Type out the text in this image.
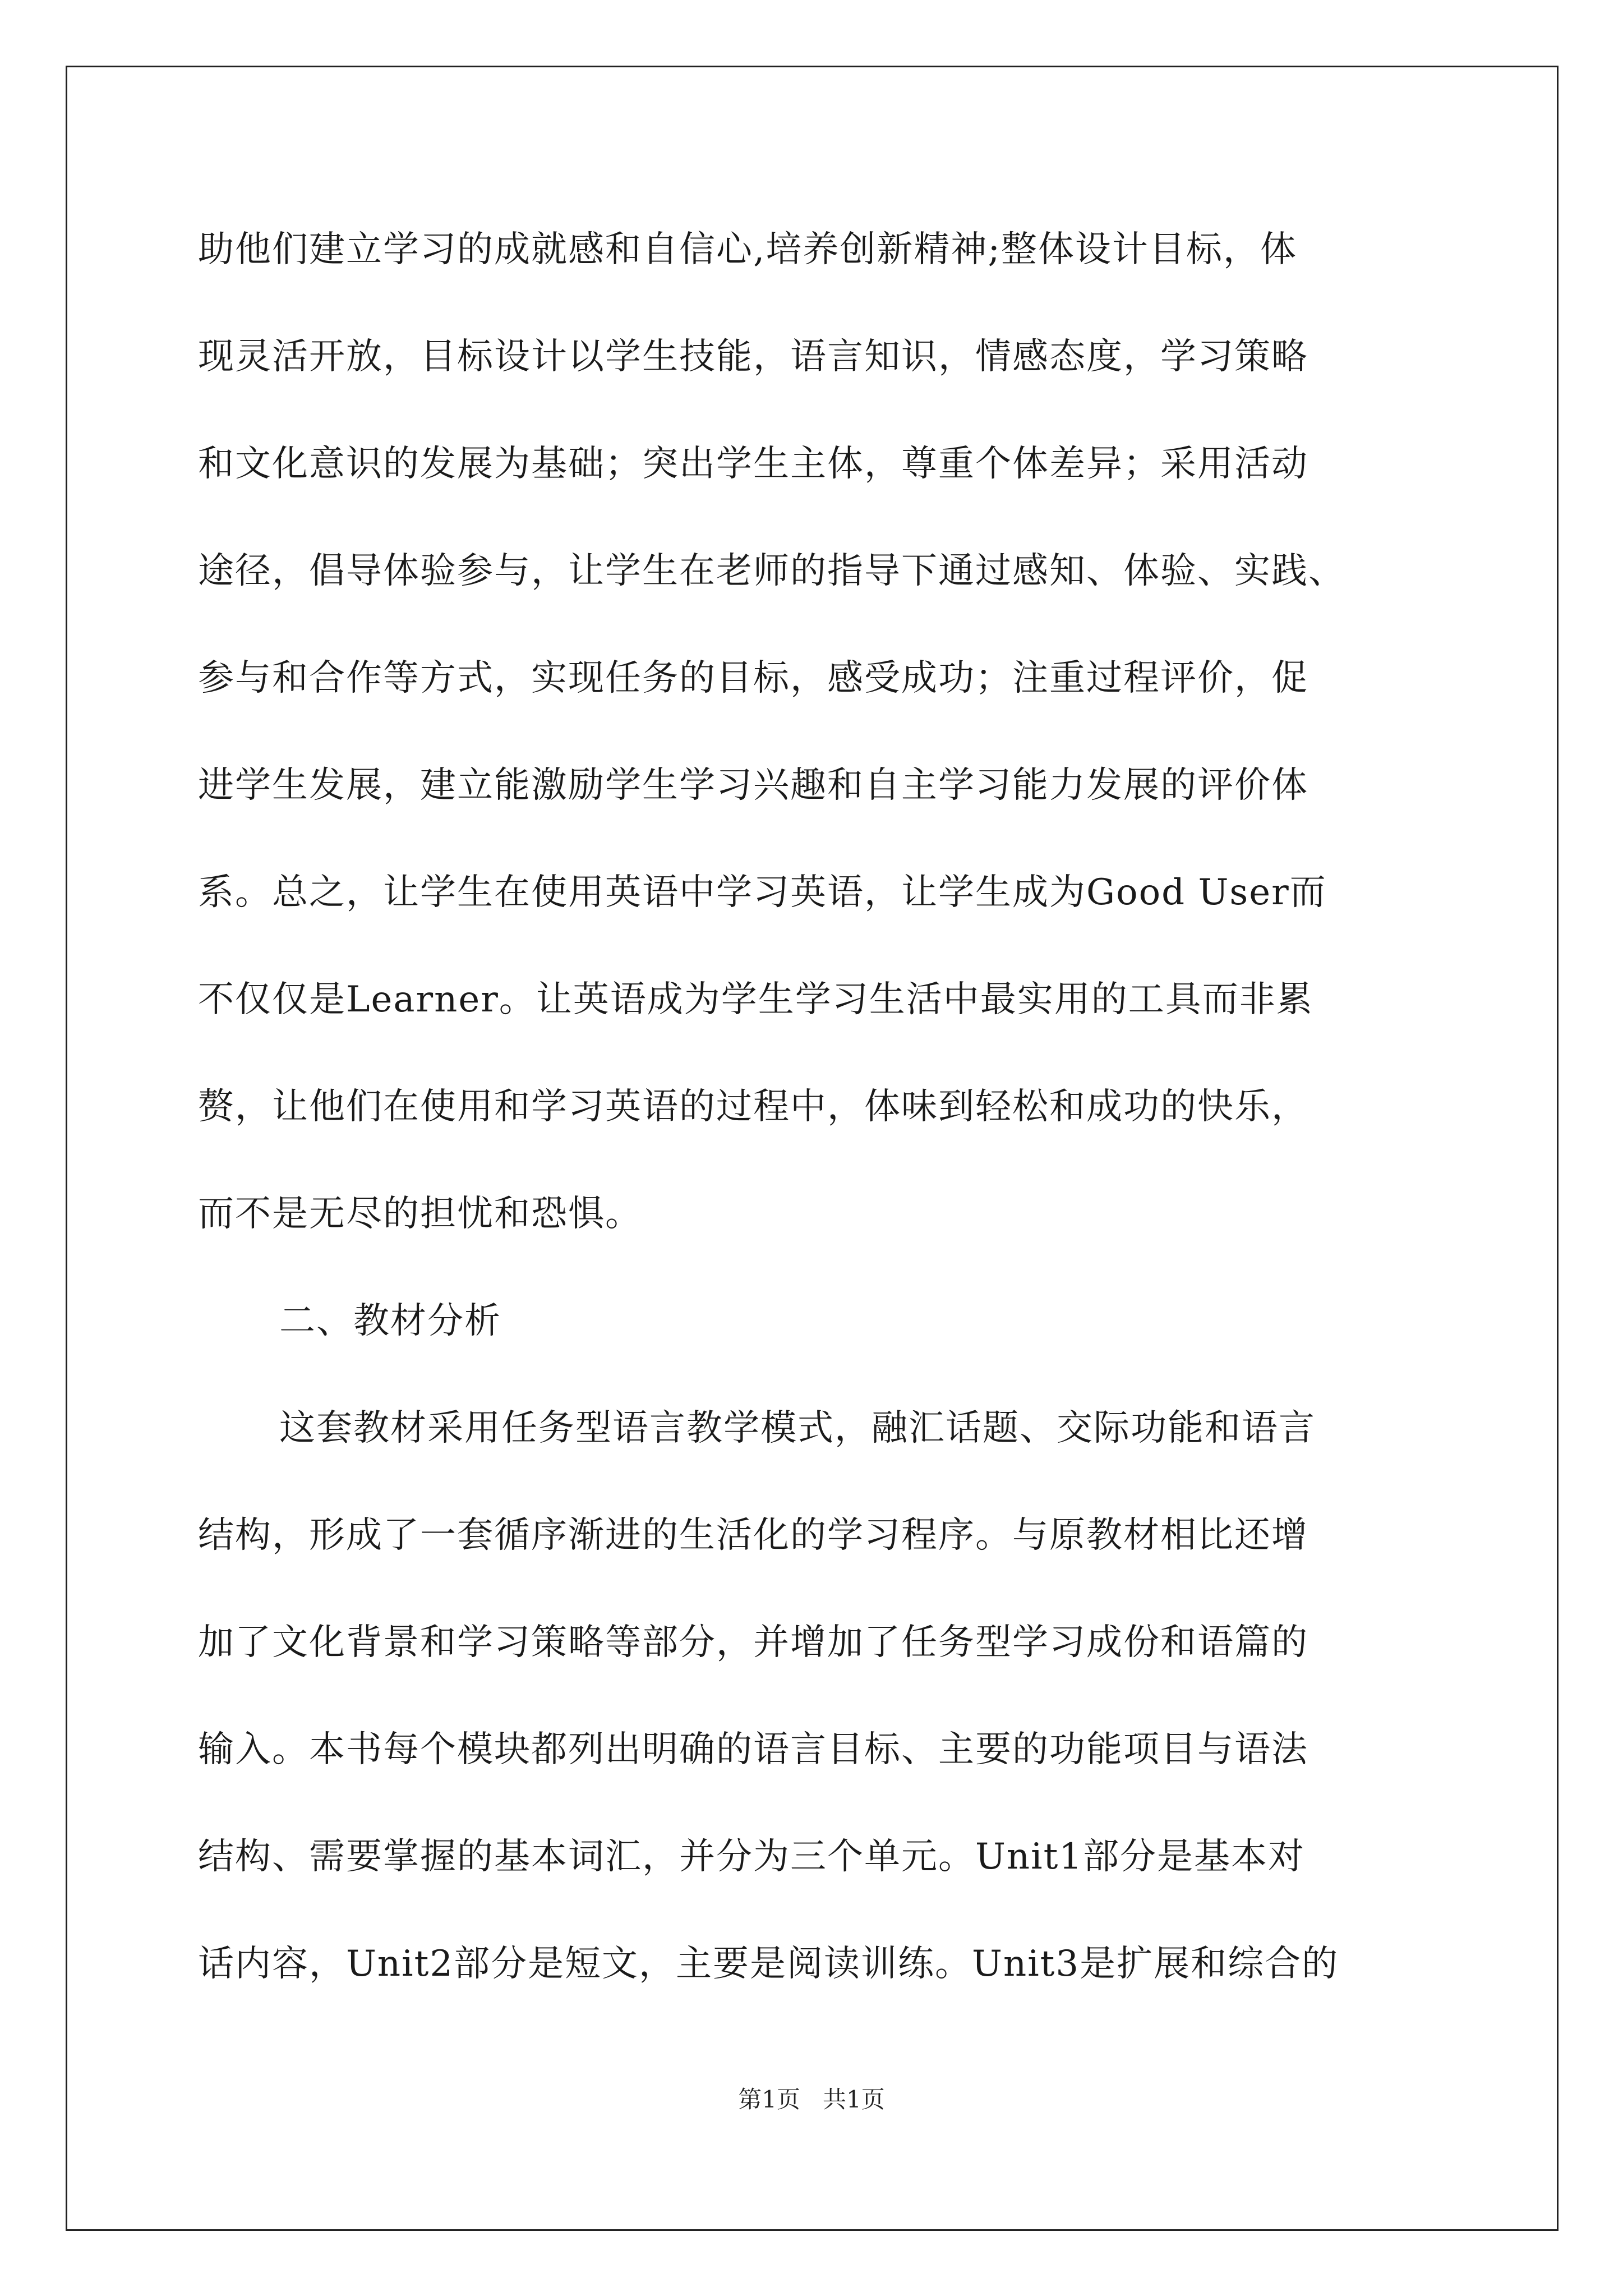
助他们建立学习的成就感和自信心,培养创新精神;整体设计目标，体
现灵活开放，目标设计以学生技能，语言知识，情感态度，学习策略
和文化意识的发展为基础；突出学生主体，尊重个体差异；采用活动
途径，倡导体验参与，让学生在老师的指导下通过感知、体验、实践、
参与和合作等方式，实现任务的目标，感受成功；注重过程评价，促
进学生发展，建立能激励学生学习兴趣和自主学习能力发展的评价体
系。总之，让学生在使用英语中学习英语，让学生成为Good User而
不仅仅是Learner。让英语成为学生学习生活中最实用的工具而非累
赘，让他们在使用和学习英语的过程中，体味到轻松和成功的快乐，
而不是无尽的担忧和恐惧。
二、教材分析
这套教材采用任务型语言教学模式，融汇话题、交际功能和语言
结构，形成了一套循序渐进的生活化的学习程序。与原教材相比还增
加了文化背景和学习策略等部分，并增加了任务型学习成份和语篇的
输入。本书每个模块都列出明确的语言目标、主要的功能项目与语法
结构、需要掌握的基本词汇，并分为三个单元。Unit1部分是基本对
话内容，Unit2部分是短文，主要是阅读训练。Unit3是扩展和综合的
第1页 共1页
